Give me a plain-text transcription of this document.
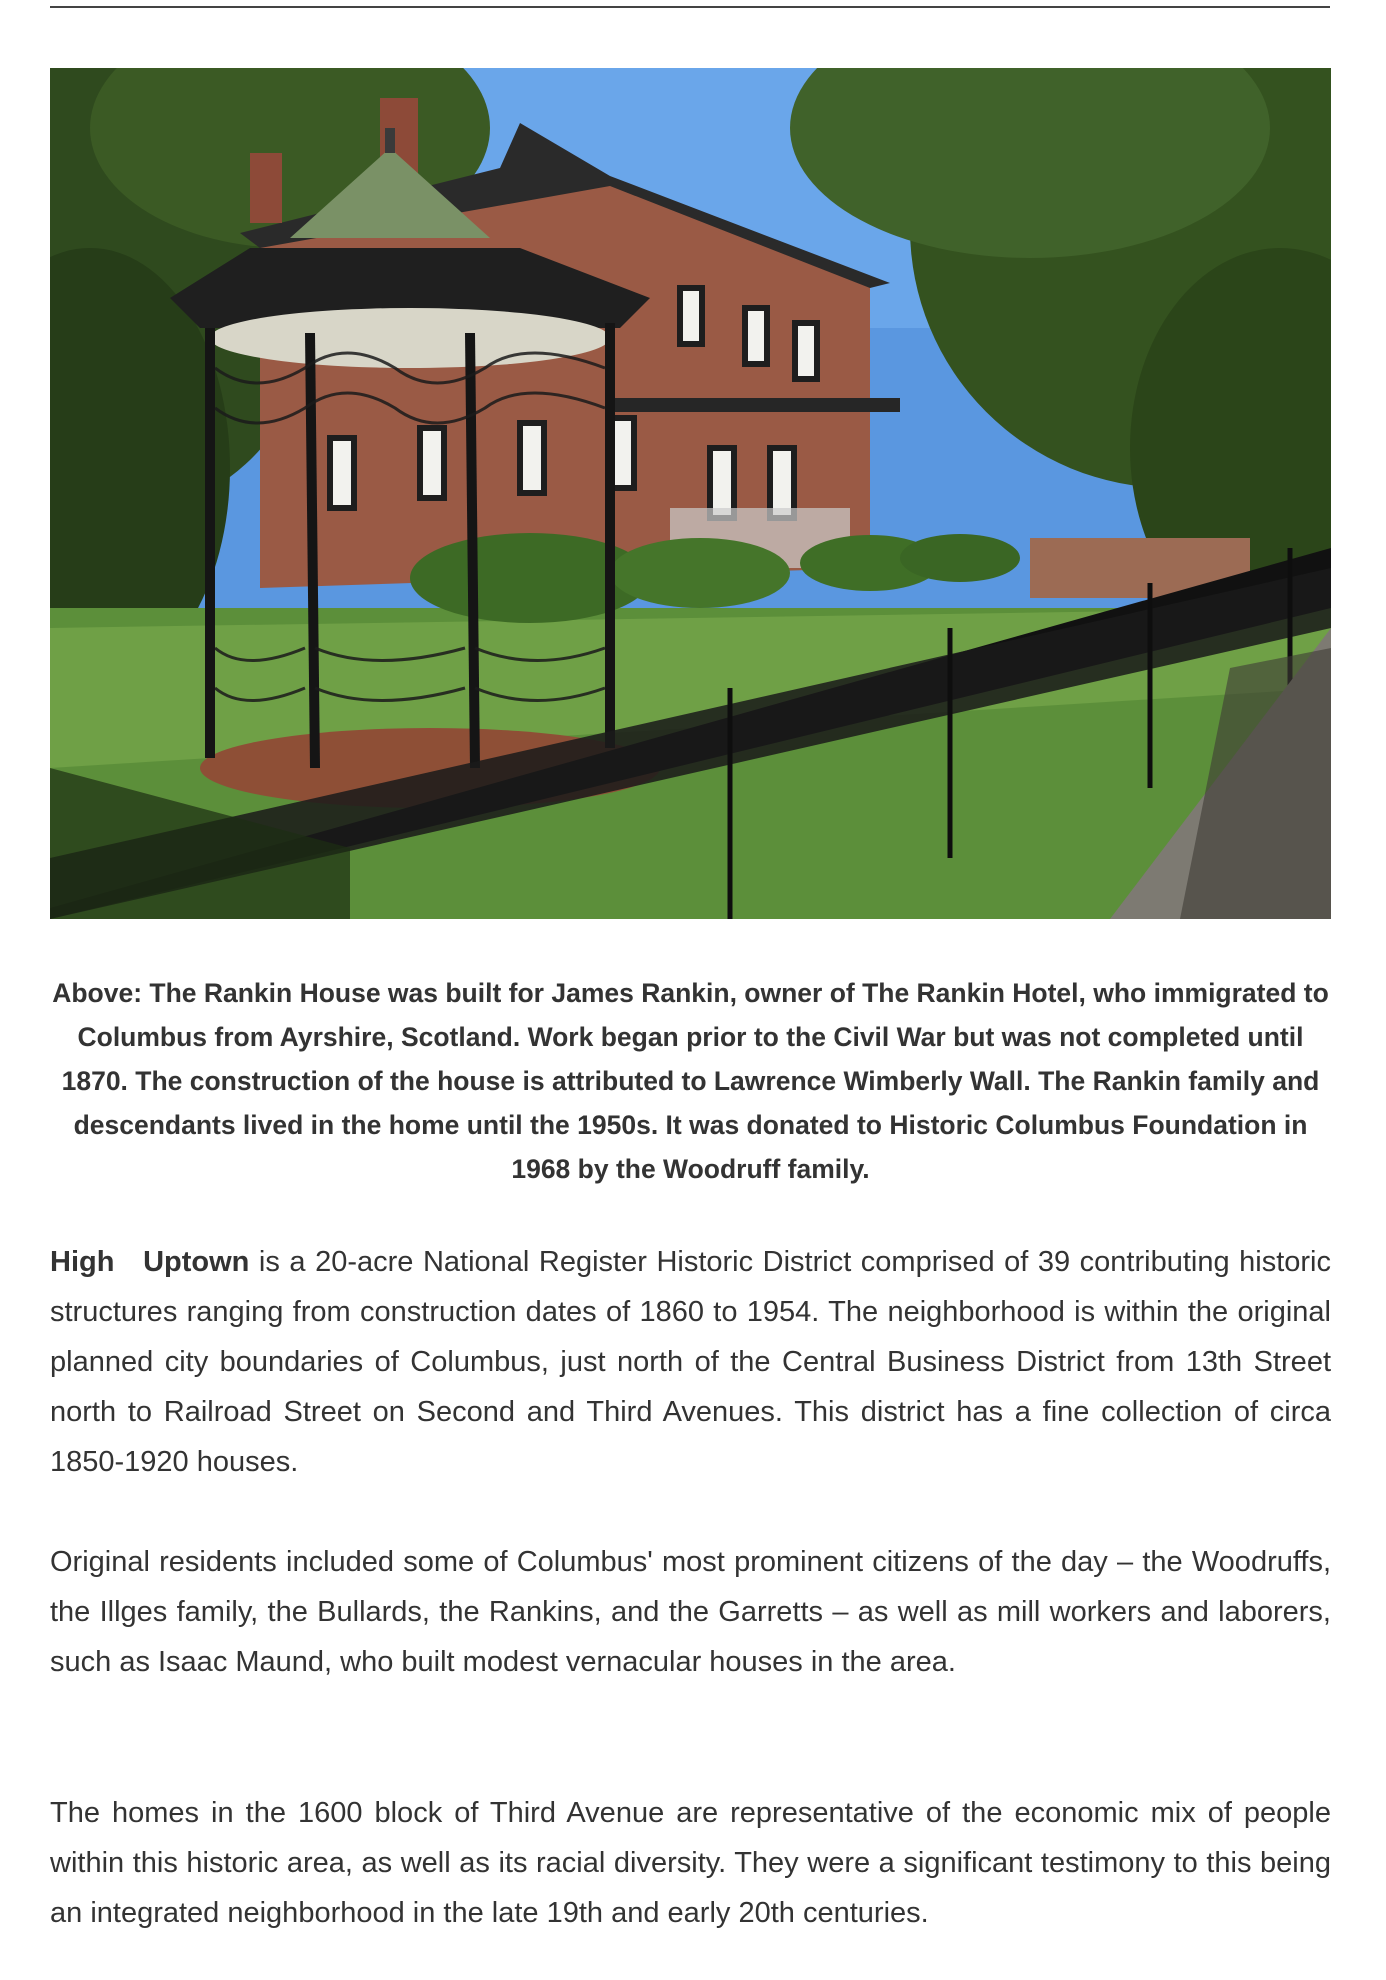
Above: The Rankin House was built for James Rankin, owner of The Rankin Hotel, who immigrated to Columbus from Ayrshire, Scotland. Work began prior to the Civil War but was not completed until 1870. The construction of the house is attributed to Lawrence Wimberly Wall. The Rankin family and descendants lived in the home until the 1950s. It was donated to Historic Columbus Foundation in 1968 by the Woodruff family.

High   Uptown is a 20-acre National Register Historic District comprised of 39 contributing historic structures ranging from construction dates of 1860 to 1954. The neighborhood is within the original planned city boundaries of Columbus, just north of the Central Business District from 13th Street north to Railroad Street on Second and Third Avenues. This district has a fine collection of circa 1850-1920 houses.

Original residents included some of Columbus' most prominent citizens of the day – the Woodruffs, the Illges family, the Bullards, the Rankins, and the Garretts – as well as mill workers and laborers, such as Isaac Maund, who built modest vernacular houses in the area.

The homes in the 1600 block of Third Avenue are representative of the economic mix of people within this historic area, as well as its racial diversity. They were a significant testimony to this being an integrated neighborhood in the late 19th and early 20th centuries.
